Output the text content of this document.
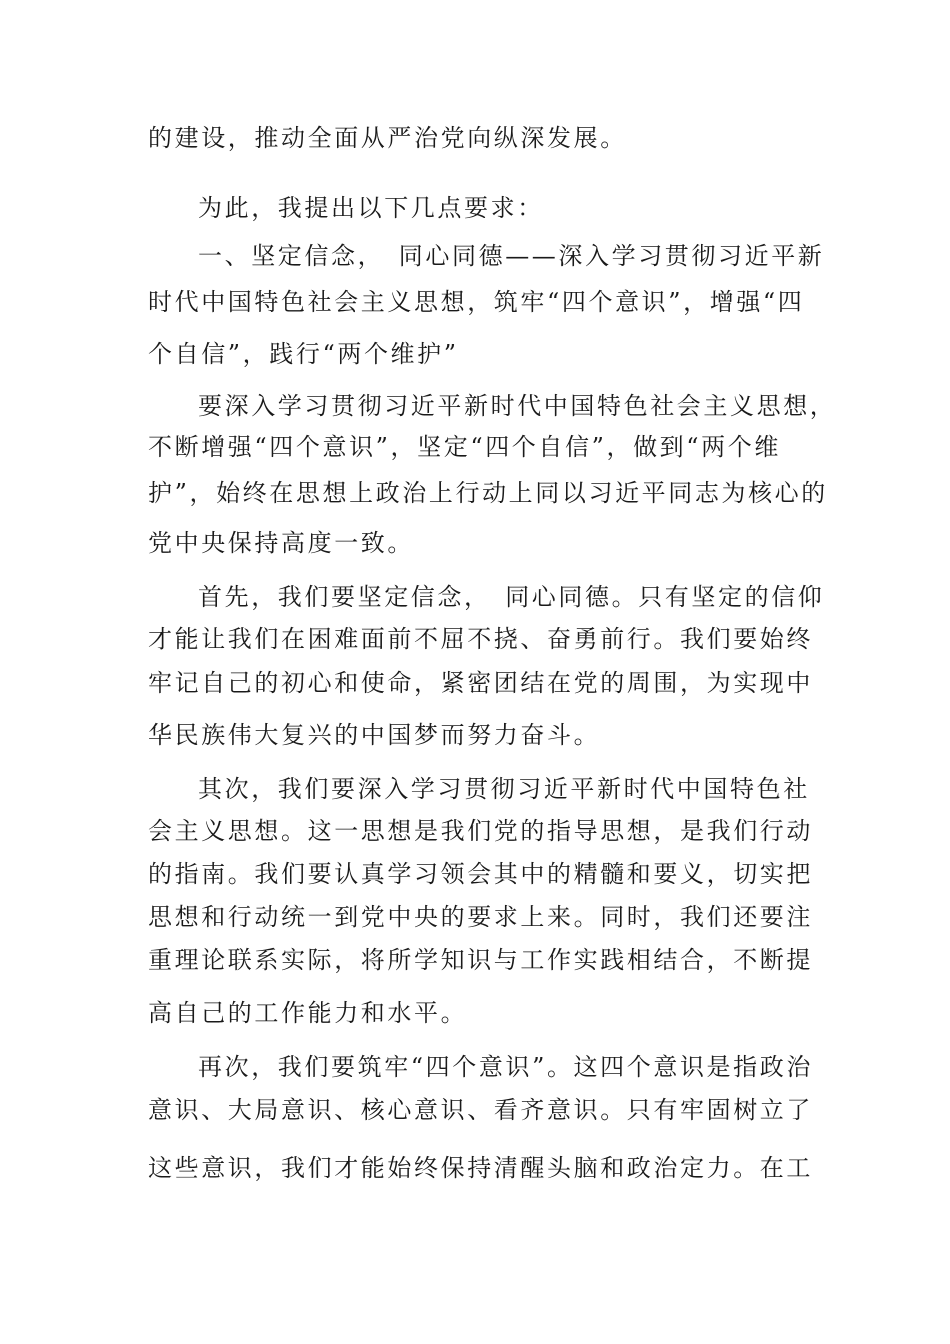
的建设，推动全面从严治党向纵深发展。
为此，我提出以下几点要求：
一、坚定信念，　同心同德——深入学习贯彻习近平新
时代中国特色社会主义思想，筑牢“四个意识”，增强“四
个自信”，践行“两个维护”
要深入学习贯彻习近平新时代中国特色社会主义思想，
不断增强“四个意识”，坚定“四个自信”，做到“两个维
护”，始终在思想上政治上行动上同以习近平同志为核心的
党中央保持高度一致。
首先，我们要坚定信念，　同心同德。只有坚定的信仰
才能让我们在困难面前不屈不挠、奋勇前行。我们要始终
牢记自己的初心和使命，紧密团结在党的周围，为实现中
华民族伟大复兴的中国梦而努力奋斗。
其次，我们要深入学习贯彻习近平新时代中国特色社
会主义思想。这一思想是我们党的指导思想，是我们行动
的指南。我们要认真学习领会其中的精髓和要义，切实把
思想和行动统一到党中央的要求上来。同时，我们还要注
重理论联系实际，将所学知识与工作实践相结合，不断提
高自己的工作能力和水平。
再次，我们要筑牢“四个意识”。这四个意识是指政治
意识、大局意识、核心意识、看齐意识。只有牢固树立了
这些意识，我们才能始终保持清醒头脑和政治定力。在工
